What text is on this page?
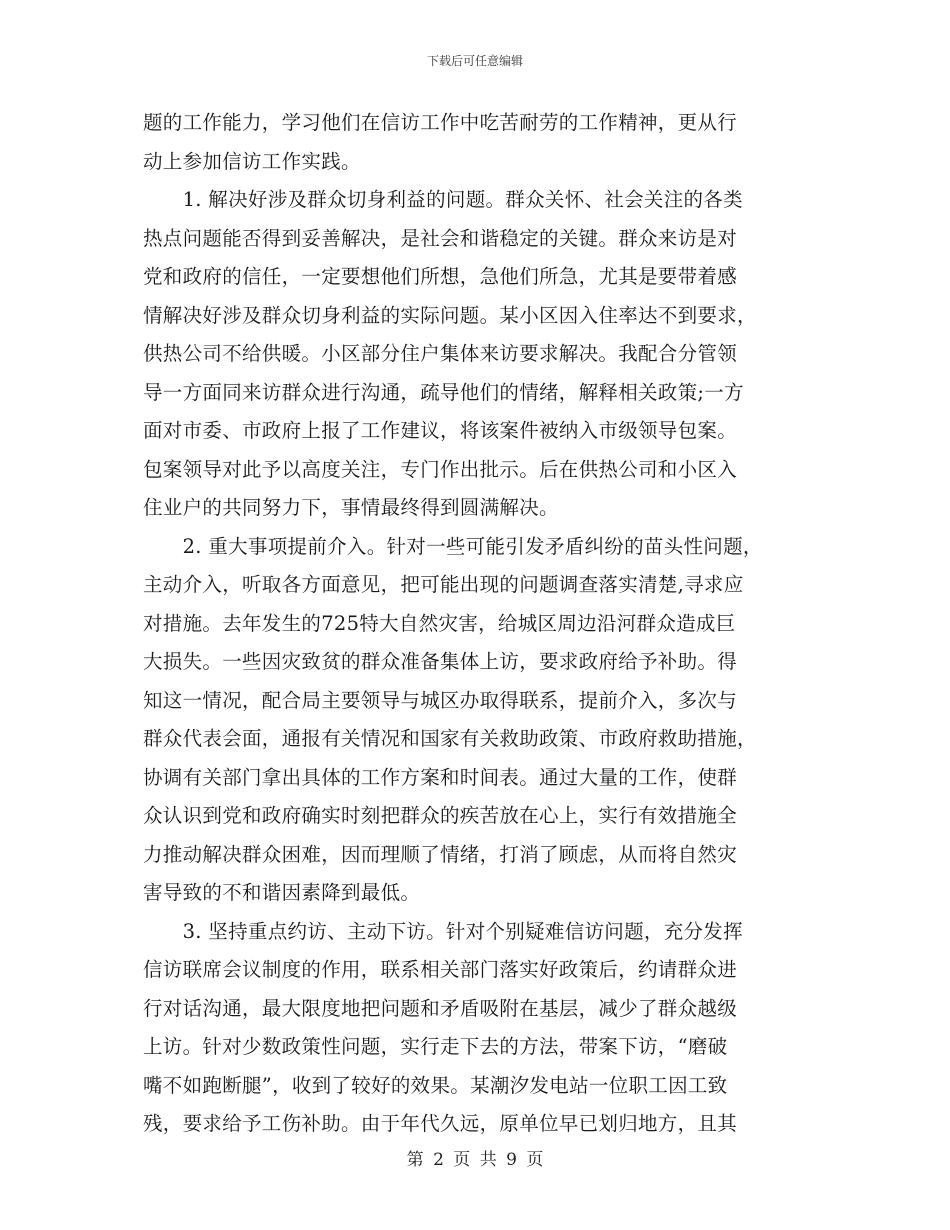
下载后可任意编辑
题的工作能力，学习他们在信访工作中吃苦耐劳的工作精神，更从行
动上参加信访工作实践。
　　1. 解决好涉及群众切身利益的问题。群众关怀、社会关注的各类
热点问题能否得到妥善解决，是社会和谐稳定的关键。群众来访是对
党和政府的信任，一定要想他们所想，急他们所急，尤其是要带着感
情解决好涉及群众切身利益的实际问题。某小区因入住率达不到要求，
供热公司不给供暖。小区部分住户集体来访要求解决。我配合分管领
导一方面同来访群众进行沟通，疏导他们的情绪，解释相关政策;一方
面对市委、市政府上报了工作建议，将该案件被纳入市级领导包案。
包案领导对此予以高度关注，专门作出批示。后在供热公司和小区入
住业户的共同努力下，事情最终得到圆满解决。
　　2. 重大事项提前介入。针对一些可能引发矛盾纠纷的苗头性问题，
主动介入，听取各方面意见，把可能出现的问题调查落实清楚,寻求应
对措施。去年发生的725特大自然灾害，给城区周边沿河群众造成巨
大损失。一些因灾致贫的群众准备集体上访，要求政府给予补助。得
知这一情况，配合局主要领导与城区办取得联系，提前介入，多次与
群众代表会面，通报有关情况和国家有关救助政策、市政府救助措施，
协调有关部门拿出具体的工作方案和时间表。通过大量的工作，使群
众认识到党和政府确实时刻把群众的疾苦放在心上，实行有效措施全
力推动解决群众困难，因而理顺了情绪，打消了顾虑，从而将自然灾
害导致的不和谐因素降到最低。
　　3. 坚持重点约访、主动下访。针对个别疑难信访问题，充分发挥
信访联席会议制度的作用，联系相关部门落实好政策后，约请群众进
行对话沟通，最大限度地把问题和矛盾吸附在基层，减少了群众越级
上访。针对少数政策性问题，实行走下去的方法，带案下访，“磨破
嘴不如跑断腿”，收到了较好的效果。某潮汐发电站一位职工因工致
残，要求给予工伤补助。由于年代久远，原单位早已划归地方，且其
第 2 页 共 9 页
